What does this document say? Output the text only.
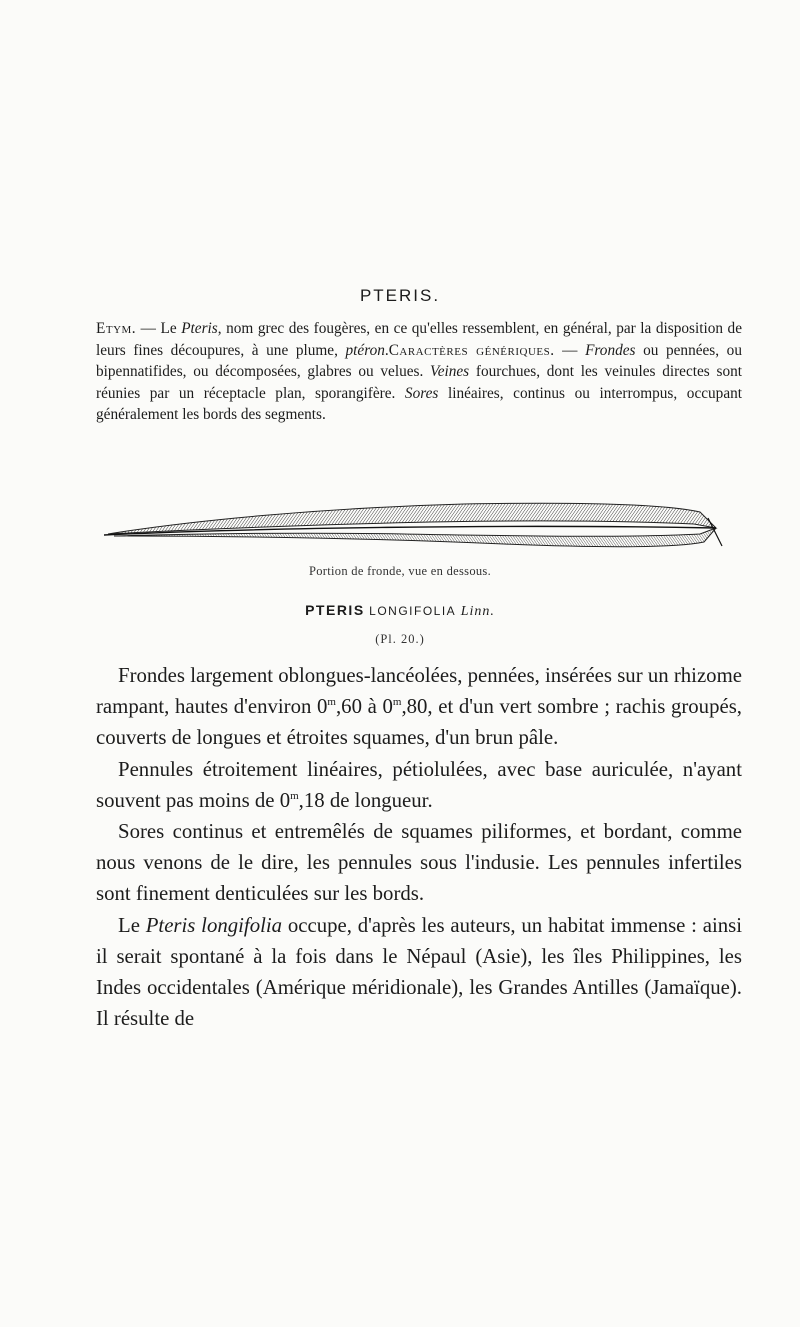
PTERIS.

Etym. — Le Pteris, nom grec des fougères, en ce qu'elles ressemblent, en général, par la disposition de leurs fines découpures, à une plume, ptéron.Caractères génériques. — Frondes ou pennées, ou bipennatifides, ou décomposées, glabres ou velues. Veines fourchues, dont les veinules directes sont réunies par un réceptacle plan, sporangifère. Sores linéaires, continus ou interrompus, occupant généralement les bords des segments.

Portion de fronde, vue en dessous.
PTERIS LONGIFOLIA Linn.
(Pl. 20.)

Frondes largement oblongues-lancéolées, pennées, insérées sur un rhizome rampant, hautes d'environ 0$^m$,60 à 0$^m$,80, et d'un vert sombre ; rachis groupés, couverts de longues et étroites squames, d'un brun pâle.

Pennules étroitement linéaires, pétiolulées, avec base auriculée, n'ayant souvent pas moins de 0$^m$,18 de longueur.

Sores continus et entremêlés de squames piliformes, et bordant, comme nous venons de le dire, les pennules sous l'indusie. Les pennules infertiles sont finement denticulées sur les bords.

Le Pteris longifolia occupe, d'après les auteurs, un habitat immense : ainsi il serait spontané à la fois dans le Népaul (Asie), les îles Philippines, les Indes occidentales (Amérique méridionale), les Grandes Antilles (Jamaïque). Il résulte de
